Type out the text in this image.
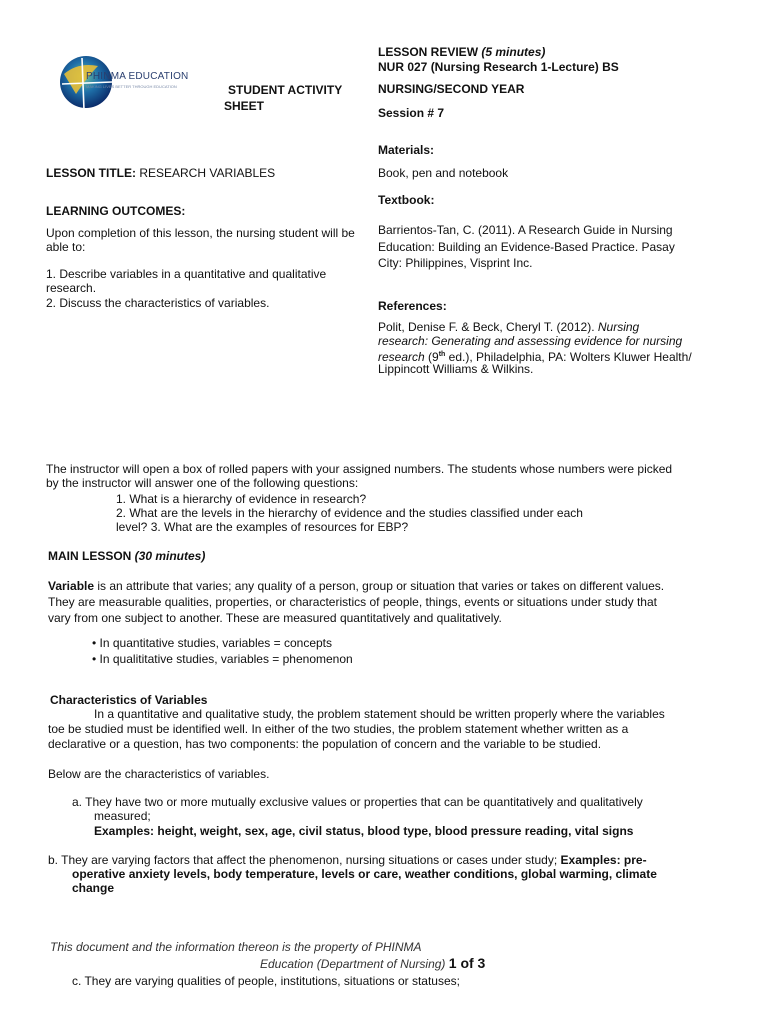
PHINMA EDUCATION
MAKING LIVES BETTER THROUGH EDUCATION	STUDENT ACTIVITY
SHEET
LESSON REVIEW (5 minutes)
NUR 027 (Nursing Research 1-Lecture) BS
NURSING/SECOND YEAR
Session # 7
Materials:
Book, pen and notebook
Textbook:
Barrientos-Tan, C. (2011). A Research Guide in Nursing
Education: Building an Evidence-Based Practice. Pasay
City: Philippines, Visprint Inc.
References:
Polit, Denise F. & Beck, Cheryl T. (2012). Nursing
research: Generating and assessing evidence for nursing
research (9th ed.), Philadelphia, PA: Wolters Kluwer Health/
Lippincott Williams & Wilkins.
LESSON TITLE: RESEARCH VARIABLES
LEARNING OUTCOMES:
Upon completion of this lesson, the nursing student will be
able to:
1. Describe variables in a quantitative and qualitative
research.
2. Discuss the characteristics of variables.
The instructor will open a box of rolled papers with your assigned numbers. The students whose numbers were picked
by the instructor will answer one of the following questions:
1. What is a hierarchy of evidence in research?
2. What are the levels in the hierarchy of evidence and the studies classified under each
level? 3. What are the examples of resources for EBP?
MAIN LESSON (30 minutes)
Variable is an attribute that varies; any quality of a person, group or situation that varies or takes on different values.
They are measurable qualities, properties, or characteristics of people, things, events or situations under study that
vary from one subject to another. These are measured quantitatively and qualitatively.
• In quantitative studies, variables = concepts
• In qualititative studies, variables = phenomenon
Characteristics of Variables
In a quantitative and qualitative study, the problem statement should be written properly where the variables
toe be studied must be identified well. In either of the two studies, the problem statement whether written as a
declarative or a question, has two components: the population of concern and the variable to be studied.
Below are the characteristics of variables.
a. They have two or more mutually exclusive values or properties that can be quantitatively and qualitatively
measured;
Examples: height, weight, sex, age, civil status, blood type, blood pressure reading, vital signs
b. They are varying factors that affect the phenomenon, nursing situations or cases under study; Examples: pre-
operative anxiety levels, body temperature, levels or care, weather conditions, global warming, climate
change
This document and the information thereon is the property of PHINMA
Education (Department of Nursing) 1 of 3
c. They are varying qualities of people, institutions, situations or statuses;
